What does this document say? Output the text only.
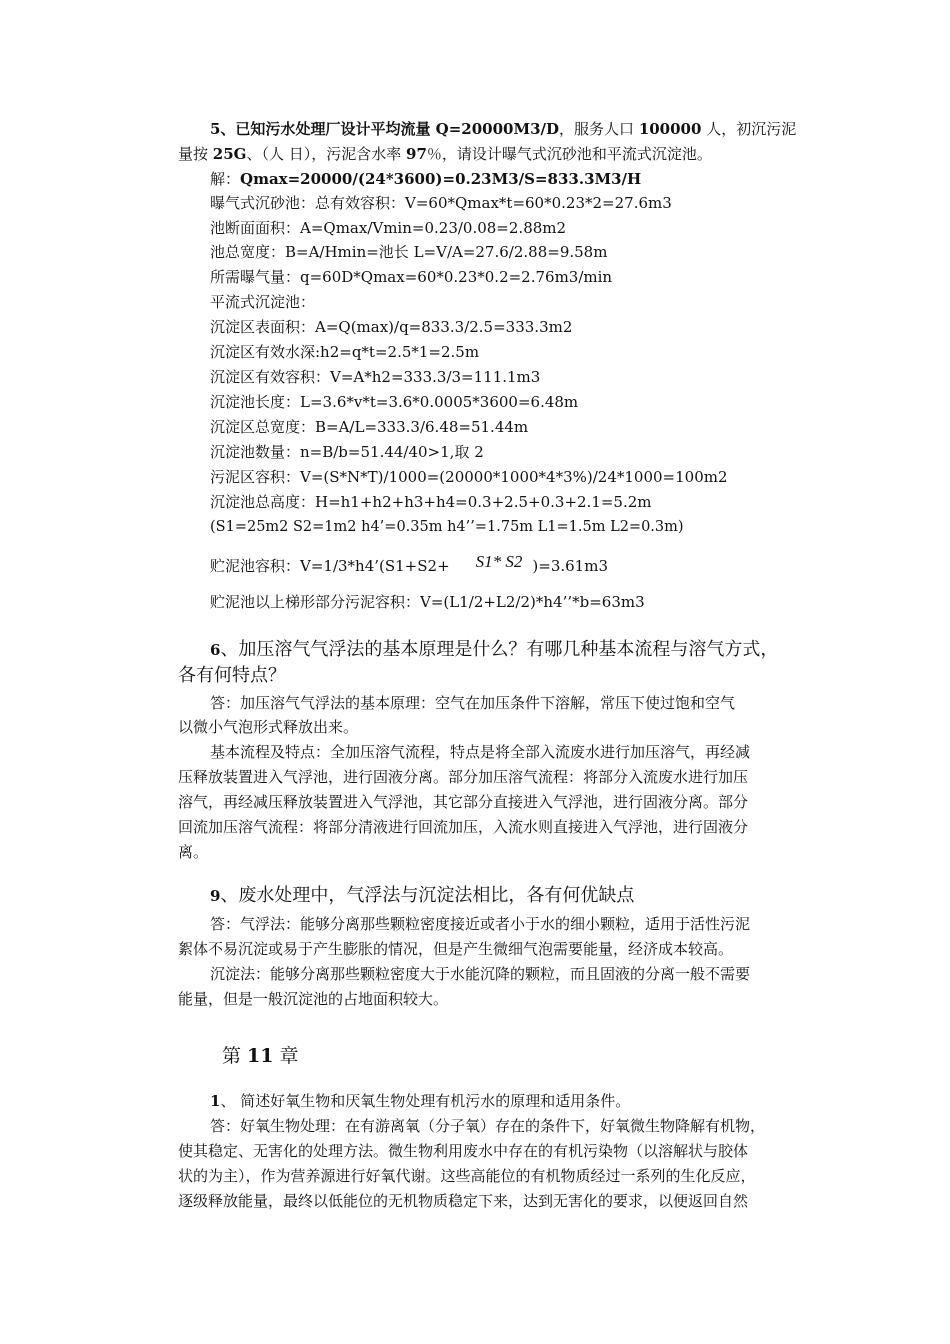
5、已知污水处理厂设计平均流量 Q=20000M3/D，服务人口 100000 人，初沉污泥
量按 25G、（人 日），污泥含水率 97％，请设计曝气式沉砂池和平流式沉淀池。
解：Qmax=20000/(24*3600)=0.23M3/S=833.3M3/H
曝气式沉砂池：总有效容积：V=60*Qmax*t=60*0.23*2=27.6m3
池断面面积：A=Qmax/Vmin=0.23/0.08=2.88m2
池总宽度：B=A/Hmin=池长 L=V/A=27.6/2.88=9.58m
所需曝气量：q=60D*Qmax=60*0.23*0.2=2.76m3/min
平流式沉淀池：
沉淀区表面积：A=Q(max)/q=833.3/2.5=333.3m2
沉淀区有效水深:h2=q*t=2.5*1=2.5m
沉淀区有效容积：V=A*h2=333.3/3=111.1m3
沉淀池长度：L=3.6*v*t=3.6*0.0005*3600=6.48m
沉淀区总宽度：B=A/L=333.3/6.48=51.44m
沉淀池数量：n=B/b=51.44/40>1,取 2
污泥区容积：V=(S*N*T)/1000=(20000*1000*4*3%)/24*1000=100m2
沉淀池总高度：H=h1+h2+h3+h4=0.3+2.5+0.3+2.1=5.2m
(S1=25m2 S2=1m2 h4’=0.35m h4’’=1.75m L1=1.5m L2=0.3m)
贮泥池容积：V=1/3*h4’(S1+S2+ S1* S2 )=3.61m3
贮泥池以上梯形部分污泥容积：V=(L1/2+L2/2)*h4’’*b=63m3
6、加压溶气气浮法的基本原理是什么？有哪几种基本流程与溶气方式，
各有何特点？
答：加压溶气气浮法的基本原理：空气在加压条件下溶解，常压下使过饱和空气
以微小气泡形式释放出来。
基本流程及特点：全加压溶气流程，特点是将全部入流废水进行加压溶气，再经减
压释放装置进入气浮池，进行固液分离。部分加压溶气流程：将部分入流废水进行加压
溶气，再经减压释放装置进入气浮池，其它部分直接进入气浮池，进行固液分离。部分
回流加压溶气流程：将部分清液进行回流加压，入流水则直接进入气浮池，进行固液分
离。
9、废水处理中，气浮法与沉淀法相比，各有何优缺点
答：气浮法：能够分离那些颗粒密度接近或者小于水的细小颗粒，适用于活性污泥
絮体不易沉淀或易于产生膨胀的情况，但是产生微细气泡需要能量，经济成本较高。
沉淀法：能够分离那些颗粒密度大于水能沉降的颗粒，而且固液的分离一般不需要
能量，但是一般沉淀池的占地面积较大。
第 11 章
1、 简述好氧生物和厌氧生物处理有机污水的原理和适用条件。
答：好氧生物处理：在有游离氧（分子氧）存在的条件下，好氧微生物降解有机物，
使其稳定、无害化的处理方法。微生物利用废水中存在的有机污染物（以溶解状与胶体
状的为主），作为营养源进行好氧代谢。这些高能位的有机物质经过一系列的生化反应，
逐级释放能量，最终以低能位的无机物质稳定下来，达到无害化的要求，以便返回自然
